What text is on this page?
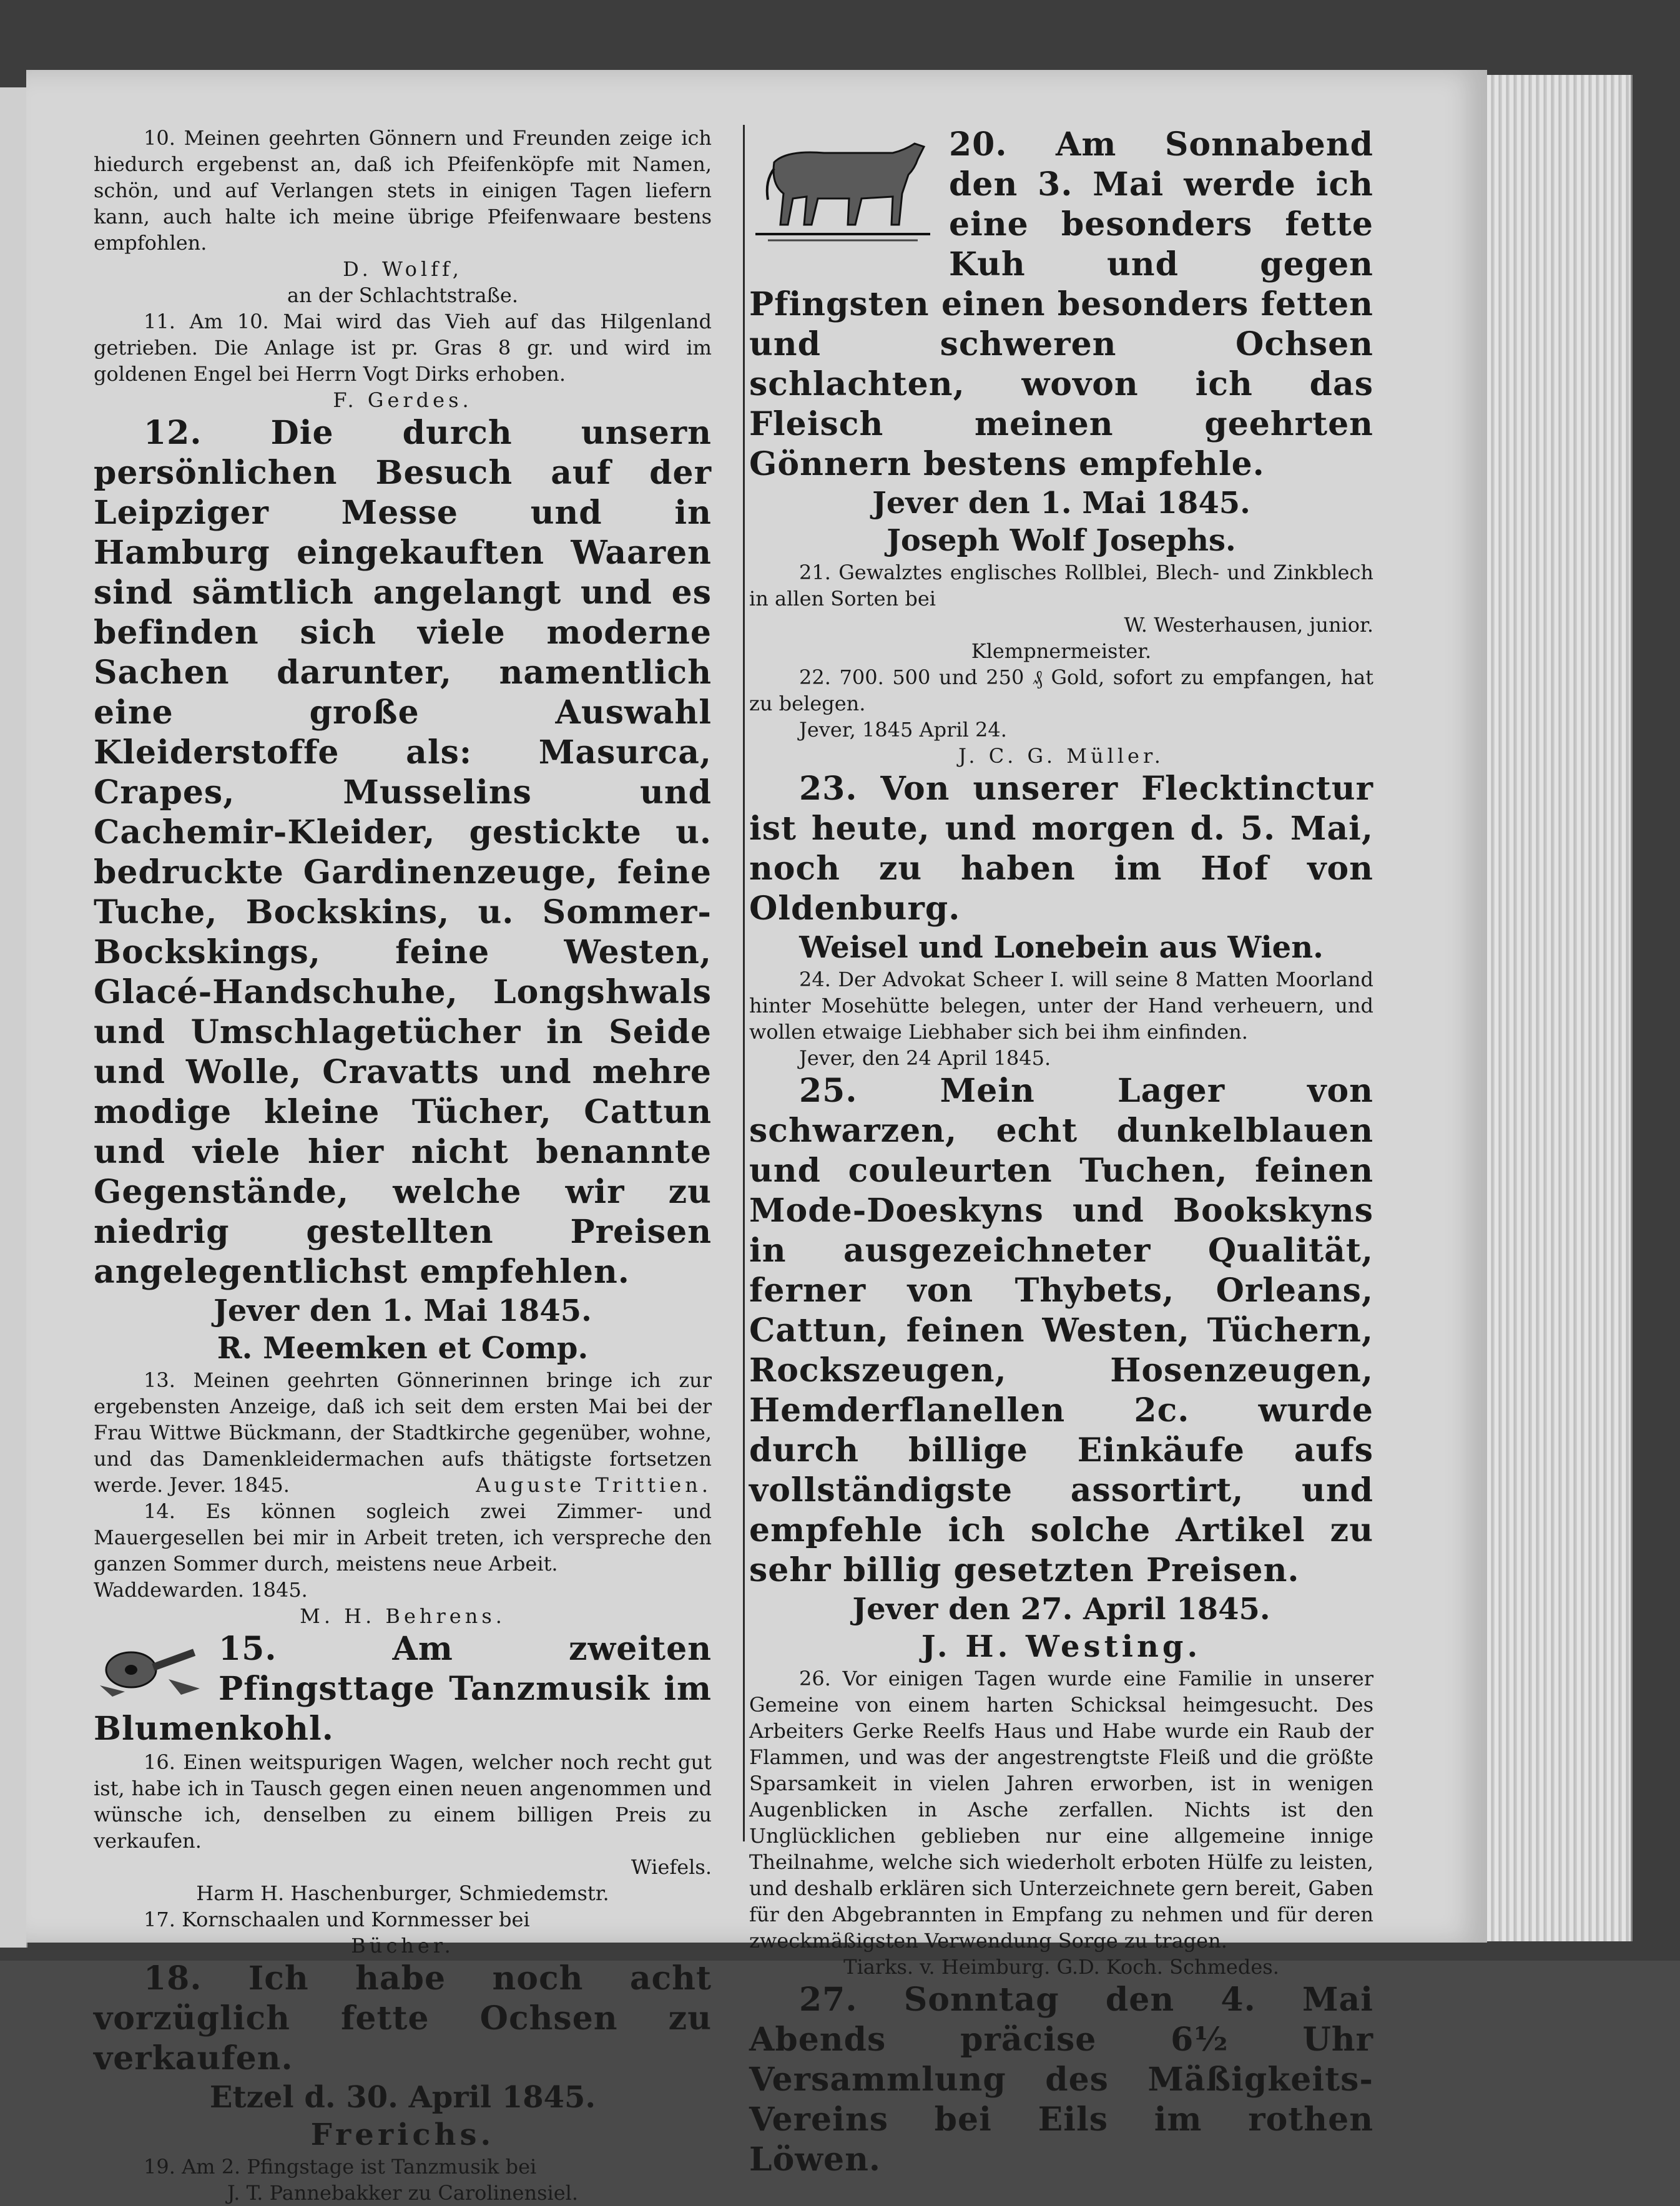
10. Meinen geehrten Gönnern und Freunden zeige ich hiedurch ergebenst an, daß ich Pfeifenköpfe mit Namen, schön, und auf Verlangen stets in einigen Tagen liefern kann, auch halte ich meine übrige Pfeifenwaare bestens empfohlen.

D. Wolff,

an der Schlachtstraße.

11. Am 10. Mai wird das Vieh auf das Hilgenland getrieben. Die Anlage ist pr. Gras 8 gr. und wird im goldenen Engel bei Herrn Vogt Dirks erhoben.

F. Gerdes.

12. Die durch unsern persönlichen Besuch auf der Leipziger Messe und in Hamburg eingekauften Waaren sind sämtlich angelangt und es befinden sich viele moderne Sachen darunter, namentlich eine große Auswahl Kleiderstoffe als: Masurca, Crapes, Musselins und Cachemir-Kleider, gestickte u. bedruckte Gardinenzeuge, feine Tuche, Bockskins, u. Sommer-Bockskings, feine Westen, Glacé-Handschuhe, Longshwals und Umschlagetücher in Seide und Wolle, Cravatts und mehre modige kleine Tücher, Cattun und viele hier nicht benannte Gegenstände, welche wir zu niedrig gestellten Preisen angelegentlichst empfehlen.

Jever den 1. Mai 1845.

R. Meemken et Comp.

13. Meinen geehrten Gönnerinnen bringe ich zur ergebensten Anzeige, daß ich seit dem ersten Mai bei der Frau Wittwe Bückmann, der Stadtkirche gegenüber, wohne, und das Damenkleidermachen aufs thätigste fortsetzen werde. Jever. 1845.	Auguste Trittien.

14. Es können sogleich zwei Zimmer- und Mauergesellen bei mir in Arbeit treten, ich verspreche den ganzen Sommer durch, meistens neue Arbeit.

Waddewarden. 1845.

M. H. Behrens.

15.	Am zweiten Pfingsttage Tanzmusik im Blumenkohl.

16. Einen weitspurigen Wagen, welcher noch recht gut ist, habe ich in Tausch gegen einen neuen angenommen und wünsche ich, denselben zu einem billigen Preis zu verkaufen.

Wiefels.

Harm H. Haschenburger, Schmiedemstr.

17. Kornschaalen und Kornmesser bei

Bücher.

18. Ich habe noch acht vorzüglich fette Ochsen zu verkaufen.

Etzel d. 30. April 1845.

Frerichs.

19. Am 2. Pfingstage ist Tanzmusik bei

J. T. Pannebakker zu Carolinensiel.

20. Am Sonnabend den 3. Mai werde ich eine besonders fette Kuh und gegen Pfingsten einen besonders fetten und schweren Ochsen schlachten, wovon ich das Fleisch meinen geehrten Gönnern bestens empfehle.

Jever den 1. Mai 1845.

Joseph Wolf Josephs.

21. Gewalztes englisches Rollblei, Blech- und Zinkblech in allen Sorten bei

W. Westerhausen, junior.

Klempnermeister.

22. 700. 500 und 250 ₰ Gold, sofort zu empfangen, hat zu belegen.

Jever, 1845 April 24.

J. C. G. Müller.

23. Von unserer Flecktinctur ist heute, und morgen d. 5. Mai, noch zu haben im Hof von Oldenburg.

Weisel und Lonebein aus Wien.

24. Der Advokat Scheer I. will seine 8 Matten Moorland hinter Mosehütte belegen, unter der Hand verheuern, und wollen etwaige Liebhaber sich bei ihm einfinden.

Jever, den 24 April 1845.

25.	Mein Lager von schwarzen, echt dunkelblauen und couleurten Tuchen, feinen Mode-Doeskyns und Bookskyns in ausgezeichneter Qualität, ferner von Thybets, Orleans, Cattun, feinen Westen, Tüchern, Rockszeugen, Hosenzeugen, Hemderflanellen 2c. wurde durch billige Einkäufe aufs vollständigste assortirt, und empfehle ich solche Artikel zu sehr billig gesetzten Preisen.

Jever den 27. April 1845.

J. H. Westing.

26. Vor einigen Tagen wurde eine Familie in unserer Gemeine von einem harten Schicksal heimgesucht. Des Arbeiters Gerke Reelfs Haus und Habe wurde ein Raub der Flammen, und was der angestrengtste Fleiß und die größte Sparsamkeit in vielen Jahren erworben, ist in wenigen Augenblicken in Asche zerfallen. Nichts ist den Unglücklichen geblieben nur eine allgemeine innige Theilnahme, welche sich wiederholt erboten Hülfe zu leisten, und deshalb erklären sich Unterzeichnete gern bereit, Gaben für den Abgebrannten in Empfang zu nehmen und für deren zweckmäßigsten Verwendung Sorge zu tragen.

Tiarks. v. Heimburg. G.D. Koch. Schmedes.

27. Sonntag den 4. Mai Abends präcise 6½ Uhr Versammlung des Mäßigkeits-Vereins bei Eils im rothen Löwen.
